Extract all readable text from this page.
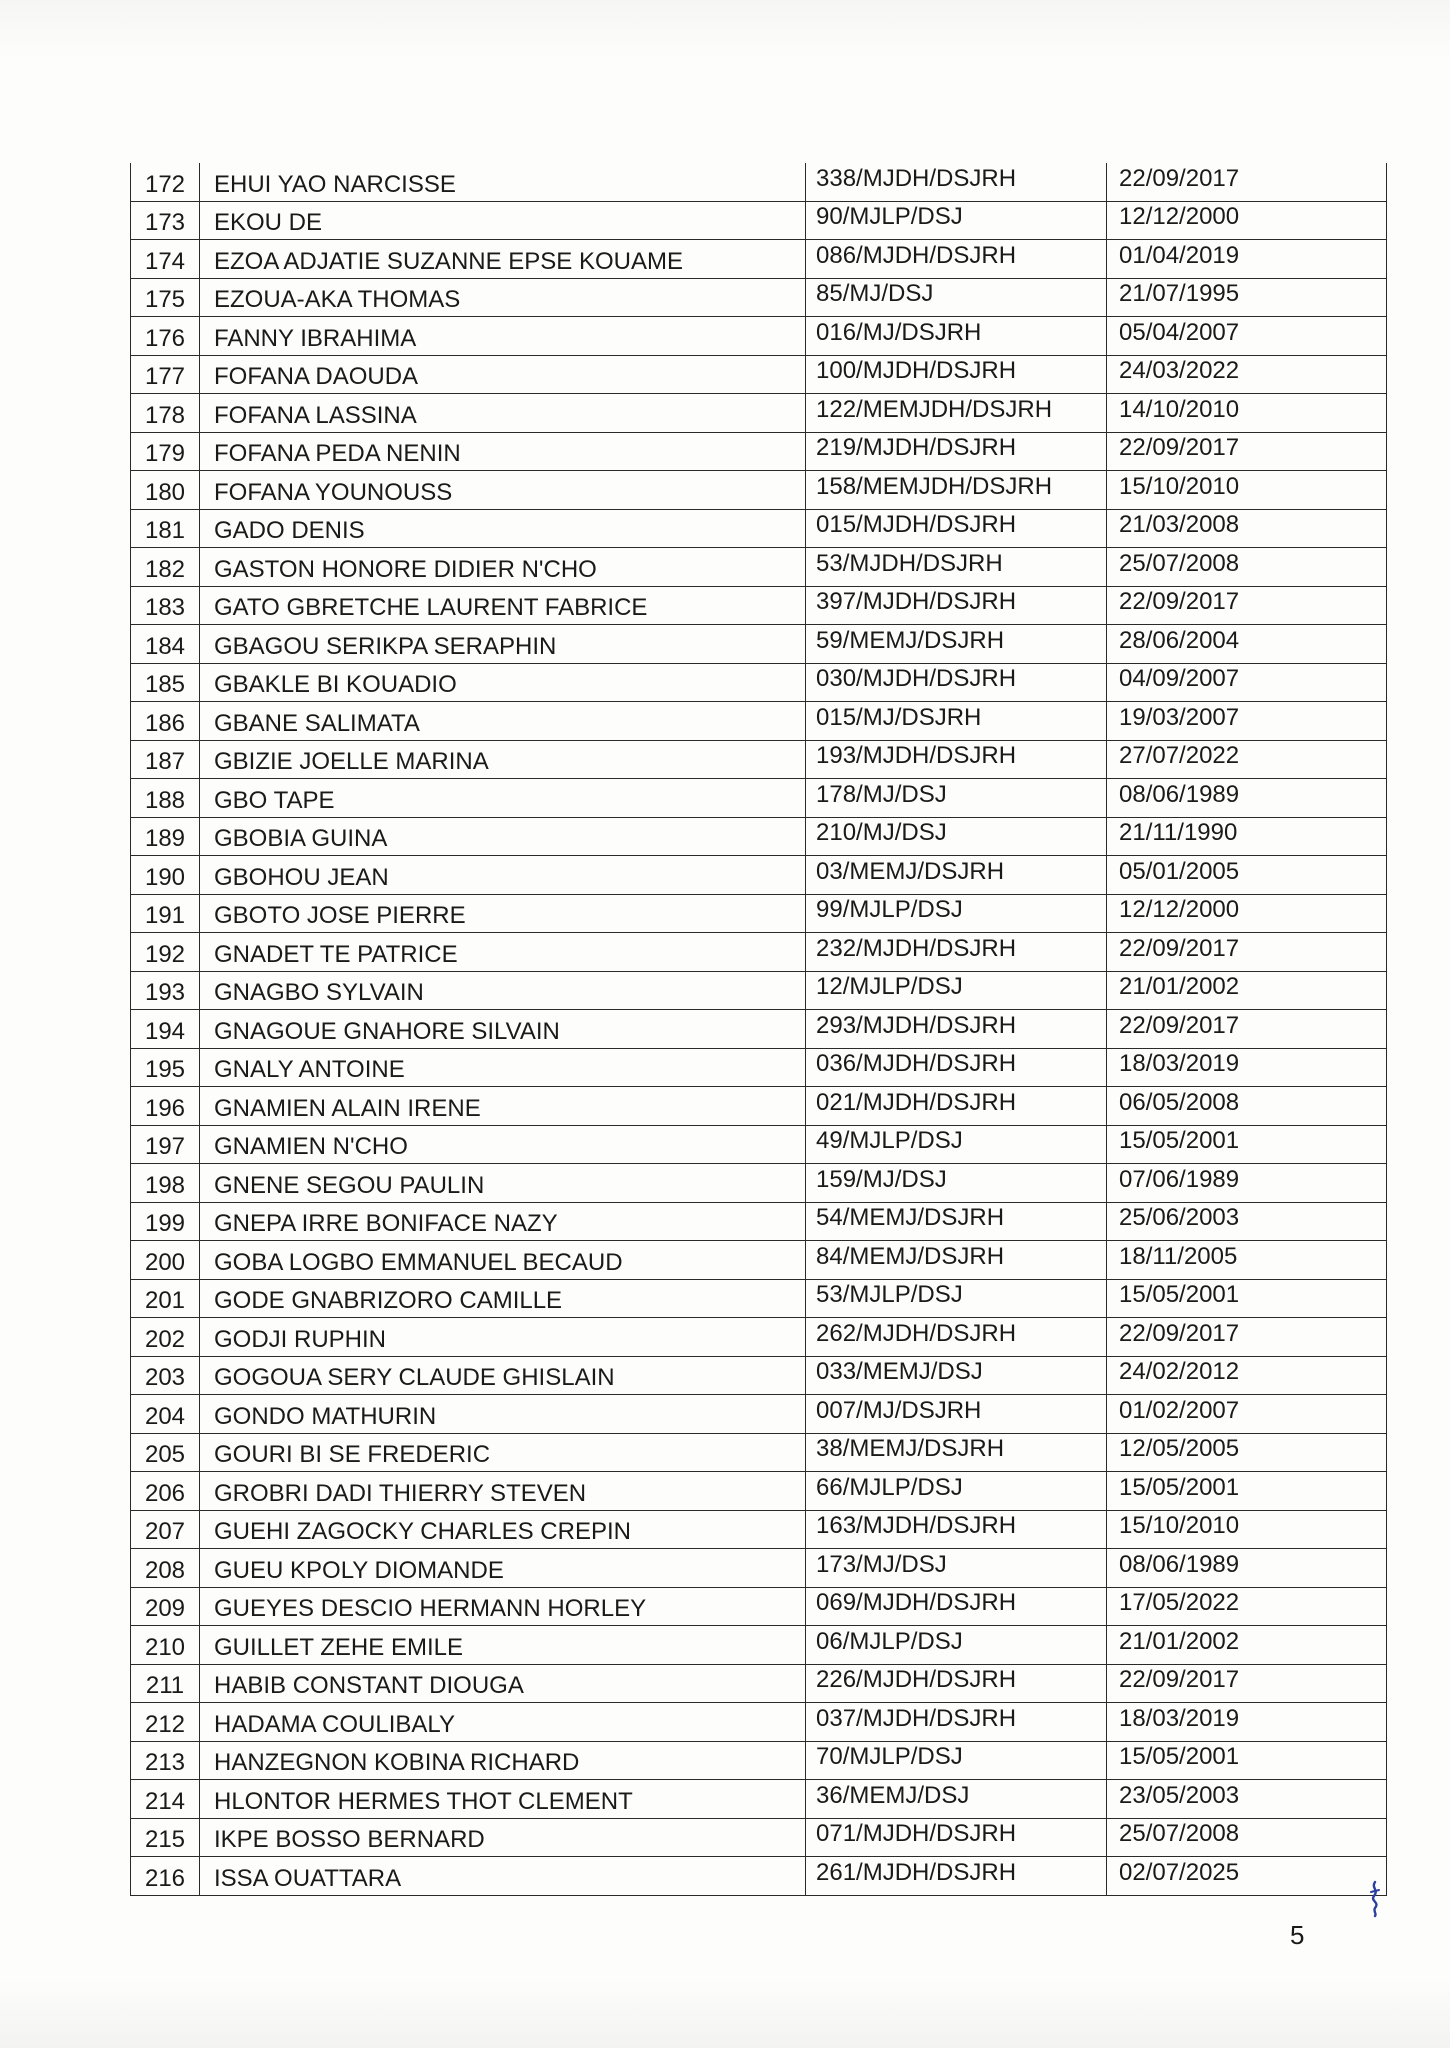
172	EHUI YAO NARCISSE	338/MJDH/DSJRH	22/09/2017
173	EKOU DE	90/MJLP/DSJ	12/12/2000
174	EZOA ADJATIE SUZANNE EPSE KOUAME	086/MJDH/DSJRH	01/04/2019
175	EZOUA-AKA THOMAS	85/MJ/DSJ	21/07/1995
176	FANNY IBRAHIMA	016/MJ/DSJRH	05/04/2007
177	FOFANA DAOUDA	100/MJDH/DSJRH	24/03/2022
178	FOFANA LASSINA	122/MEMJDH/DSJRH	14/10/2010
179	FOFANA PEDA NENIN	219/MJDH/DSJRH	22/09/2017
180	FOFANA YOUNOUSS	158/MEMJDH/DSJRH	15/10/2010
181	GADO DENIS	015/MJDH/DSJRH	21/03/2008
182	GASTON HONORE DIDIER N'CHO	53/MJDH/DSJRH	25/07/2008
183	GATO GBRETCHE LAURENT FABRICE	397/MJDH/DSJRH	22/09/2017
184	GBAGOU SERIKPA SERAPHIN	59/MEMJ/DSJRH	28/06/2004
185	GBAKLE BI KOUADIO	030/MJDH/DSJRH	04/09/2007
186	GBANE SALIMATA	015/MJ/DSJRH	19/03/2007
187	GBIZIE JOELLE MARINA	193/MJDH/DSJRH	27/07/2022
188	GBO TAPE	178/MJ/DSJ	08/06/1989
189	GBOBIA GUINA	210/MJ/DSJ	21/11/1990
190	GBOHOU JEAN	03/MEMJ/DSJRH	05/01/2005
191	GBOTO JOSE PIERRE	99/MJLP/DSJ	12/12/2000
192	GNADET TE PATRICE	232/MJDH/DSJRH	22/09/2017
193	GNAGBO SYLVAIN	12/MJLP/DSJ	21/01/2002
194	GNAGOUE GNAHORE SILVAIN	293/MJDH/DSJRH	22/09/2017
195	GNALY ANTOINE	036/MJDH/DSJRH	18/03/2019
196	GNAMIEN ALAIN IRENE	021/MJDH/DSJRH	06/05/2008
197	GNAMIEN N'CHO	49/MJLP/DSJ	15/05/2001
198	GNENE SEGOU PAULIN	159/MJ/DSJ	07/06/1989
199	GNEPA IRRE BONIFACE NAZY	54/MEMJ/DSJRH	25/06/2003
200	GOBA LOGBO EMMANUEL BECAUD	84/MEMJ/DSJRH	18/11/2005
201	GODE GNABRIZORO CAMILLE	53/MJLP/DSJ	15/05/2001
202	GODJI RUPHIN	262/MJDH/DSJRH	22/09/2017
203	GOGOUA SERY CLAUDE GHISLAIN	033/MEMJ/DSJ	24/02/2012
204	GONDO MATHURIN	007/MJ/DSJRH	01/02/2007
205	GOURI BI SE FREDERIC	38/MEMJ/DSJRH	12/05/2005
206	GROBRI DADI THIERRY STEVEN	66/MJLP/DSJ	15/05/2001
207	GUEHI ZAGOCKY CHARLES CREPIN	163/MJDH/DSJRH	15/10/2010
208	GUEU KPOLY DIOMANDE	173/MJ/DSJ	08/06/1989
209	GUEYES DESCIO HERMANN HORLEY	069/MJDH/DSJRH	17/05/2022
210	GUILLET ZEHE EMILE	06/MJLP/DSJ	21/01/2002
211	HABIB CONSTANT DIOUGA	226/MJDH/DSJRH	22/09/2017
212	HADAMA COULIBALY	037/MJDH/DSJRH	18/03/2019
213	HANZEGNON KOBINA RICHARD	70/MJLP/DSJ	15/05/2001
214	HLONTOR HERMES THOT CLEMENT	36/MEMJ/DSJ	23/05/2003
215	IKPE BOSSO BERNARD	071/MJDH/DSJRH	25/07/2008
216	ISSA OUATTARA	261/MJDH/DSJRH	02/07/2025
5
